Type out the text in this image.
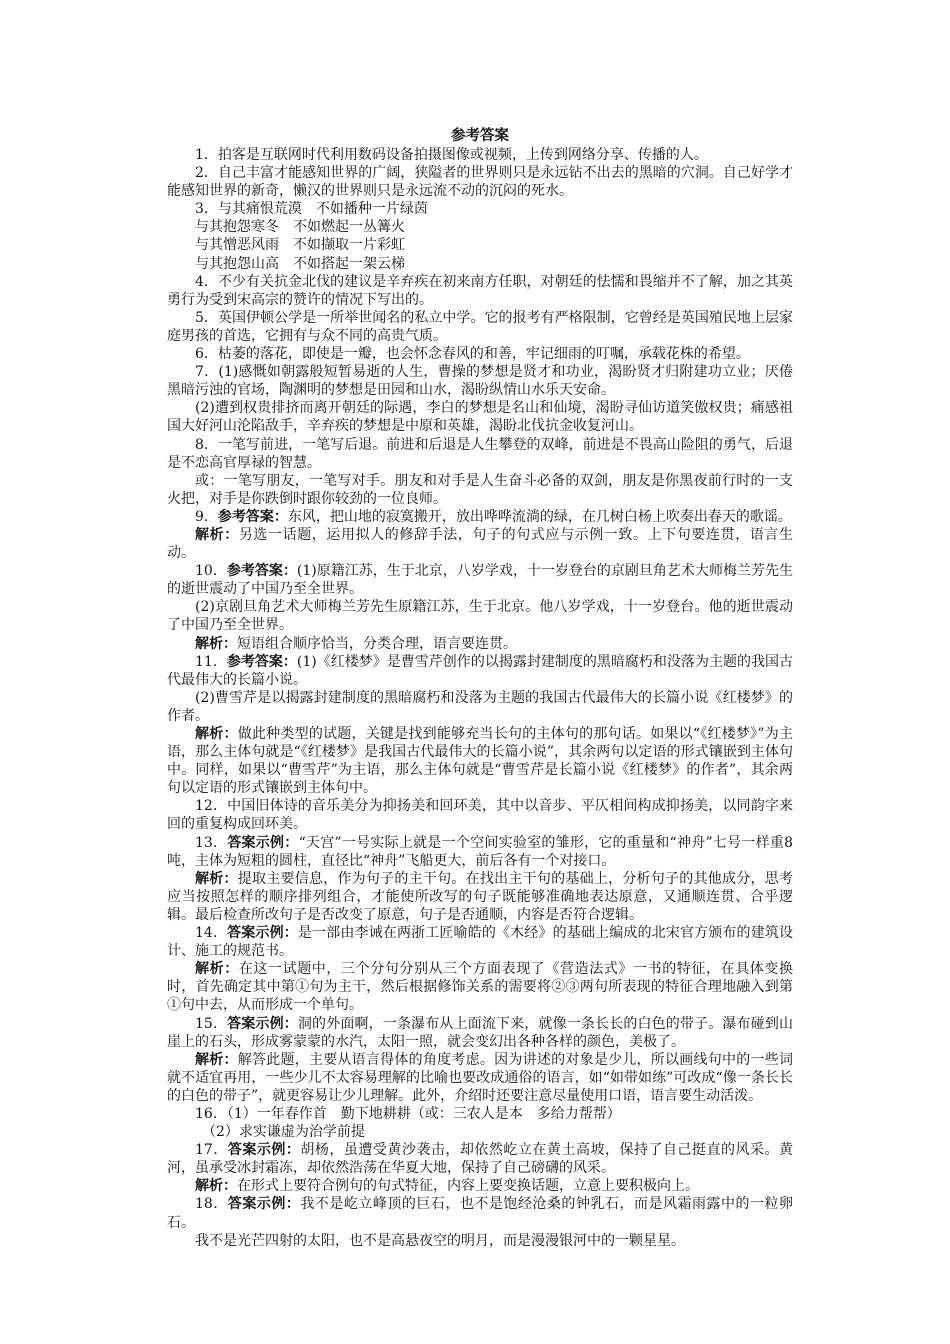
参考答案
1．拍客是互联网时代利用数码设备拍摄图像或视频，上传到网络分享、传播的人。
2．自己丰富才能感知世界的广阔，狭隘者的世界则只是永远钻不出去的黑暗的穴洞。自己好学才能感知世界的新奇，懒汉的世界则只是永远流不动的沉闷的死水。
3．与其痛恨荒漠　不如播种一片绿茵
与其抱怨寒冬　不如燃起一丛篝火
与其憎恶风雨　不如撷取一片彩虹
与其抱怨山高　不如搭起一架云梯
4．不少有关抗金北伐的建议是辛弃疾在初来南方任职，对朝廷的怯懦和畏缩并不了解，加之其英勇行为受到宋高宗的赞许的情况下写出的。
5．英国伊顿公学是一所举世闻名的私立中学。它的报考有严格限制，它曾经是英国殖民地上层家庭男孩的首选，它拥有与众不同的高贵气质。
6．枯萎的落花，即使是一瓣，也会怀念春风的和善，牢记细雨的叮嘱，承载花株的希望。
7．(1)感慨如朝露般短暂易逝的人生，曹操的梦想是贤才和功业，渴盼贤才归附建功立业；厌倦黑暗污浊的官场，陶渊明的梦想是田园和山水，渴盼纵情山水乐天安命。
(2)遭到权贵排挤而离开朝廷的际遇，李白的梦想是名山和仙境，渴盼寻仙访道笑傲权贵；痛感祖国大好河山沦陷敌手，辛弃疾的梦想是中原和英雄，渴盼北伐抗金收复河山。
8．一笔写前进，一笔写后退。前进和后退是人生攀登的双峰，前进是不畏高山险阻的勇气，后退是不恋高官厚禄的智慧。
或：一笔写朋友，一笔写对手。朋友和对手是人生奋斗必备的双剑，朋友是你黑夜前行时的一支火把，对手是你跌倒时跟你较劲的一位良师。
9．参考答案：东风，把山地的寂寞搬开，放出哗哗流淌的绿，在几树白杨上吹奏出春天的歌谣。
解析：另选一话题，运用拟人的修辞手法，句子的句式应与示例一致。上下句要连贯，语言生动。
10．参考答案：(1)原籍江苏，生于北京，八岁学戏，十一岁登台的京剧旦角艺术大师梅兰芳先生的逝世震动了中国乃至全世界。
(2)京剧旦角艺术大师梅兰芳先生原籍江苏，生于北京。他八岁学戏，十一岁登台。他的逝世震动了中国乃至全世界。
解析：短语组合顺序恰当，分类合理，语言要连贯。
11．参考答案：(1)《红楼梦》是曹雪芹创作的以揭露封建制度的黑暗腐朽和没落为主题的我国古代最伟大的长篇小说。
(2)曹雪芹是以揭露封建制度的黑暗腐朽和没落为主题的我国古代最伟大的长篇小说《红楼梦》的作者。
解析：做此种类型的试题，关键是找到能够充当长句的主体句的那句话。如果以“《红楼梦》”为主语，那么主体句就是“《红楼梦》是我国古代最伟大的长篇小说”，其余两句以定语的形式镶嵌到主体句中。同样，如果以“曹雪芹”为主语，那么主体句就是“曹雪芹是长篇小说《红楼梦》的作者”，其余两句以定语的形式镶嵌到主体句中。
12．中国旧体诗的音乐美分为抑扬美和回环美，其中以音步、平仄相间构成抑扬美，以同韵字来回的重复构成回环美。
13．答案示例：“天宫”一号实际上就是一个空间实验室的雏形，它的重量和“神舟”七号一样重8吨，主体为短粗的圆柱，直径比“神舟”飞船更大，前后各有一个对接口。
解析：提取主要信息，作为句子的主干句。在找出主干句的基础上，分析句子的其他成分，思考应当按照怎样的顺序排列组合，才能使所改写的句子既能够准确地表达原意，又通顺连贯、合乎逻辑。最后检查所改句子是否改变了原意，句子是否通顺，内容是否符合逻辑。
14．答案示例：是一部由李诫在两浙工匠喻皓的《木经》的基础上编成的北宋官方颁布的建筑设计、施工的规范书。
解析：在这一试题中，三个分句分别从三个方面表现了《营造法式》一书的特征，在具体变换时，首先确定其中第①句为主干，然后根据修饰关系的需要将②③两句所表现的特征合理地融入到第①句中去，从而形成一个单句。
15．答案示例：洞的外面啊，一条瀑布从上面流下来，就像一条长长的白色的带子。瀑布碰到山崖上的石头，形成雾蒙蒙的水汽，太阳一照，就会变幻出各种各样的颜色，美极了。
解析：解答此题，主要从语言得体的角度考虑。因为讲述的对象是少儿，所以画线句中的一些词就不适宜再用，一些少儿不太容易理解的比喻也要改成通俗的语言，如“如带如练”可改成“像一条长长的白色的带子”，就更容易让少儿理解。此外，介绍时还要注意尽量使用口语，语言要生动活泼。
16．（1）一年春作首　勤下地耕耕（或：三农人是本　多给力帮帮）
（2）求实谦虚为治学前提
17．答案示例：胡杨，虽遭受黄沙袭击，却依然屹立在黄土高坡，保持了自己挺直的风采。黄河，虽承受冰封霜冻，却依然浩荡在华夏大地，保持了自己磅礴的风采。
解析：在形式上要符合例句的句式特征，内容上要变换话题，立意上要积极向上。
18．答案示例：我不是屹立峰顶的巨石，也不是饱经沧桑的钟乳石，而是风霜雨露中的一粒卵石。
我不是光芒四射的太阳，也不是高悬夜空的明月，而是漫漫银河中的一颗星星。
